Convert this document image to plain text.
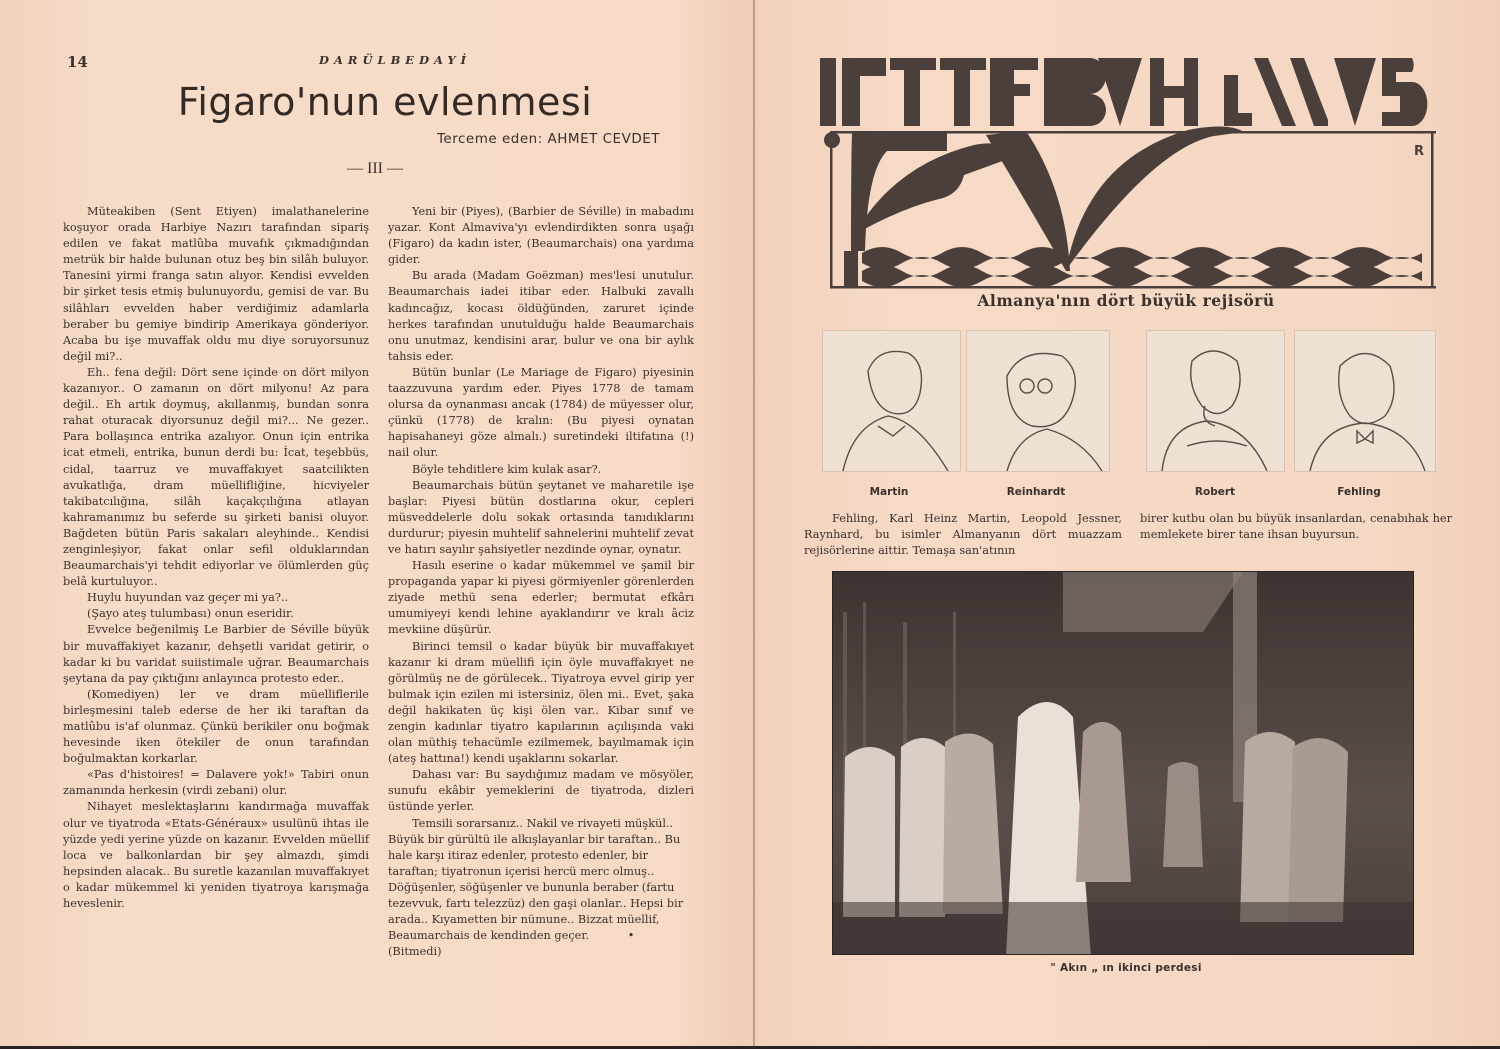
14	DARÜLBEDAYİ
Figaro'nun evlenmesi
Terceme eden: AHMET CEVDET
— III —

Müteakiben (Sent Etiyen) imalathanelerine koşuyor orada Harbiye Nazırı tarafından sipariş edilen ve fakat matlûba muvafık çıkmadığından metrük bir halde bulunan otuz beş bin silâh buluyor. Tanesini yirmi franga satın alıyor. Kendisi evvelden bir şirket tesis etmiş bulunuyordu, gemisi de var. Bu silâhları evvelden haber verdiğimiz adamlarla beraber bu gemiye bindirip Amerikaya gönderiyor. Acaba bu işe muvaffak oldu mu diye soruyorsunuz değil mi?..

Eh.. fena değil: Dört sene içinde on dört milyon kazanıyor.. O zamanın on dört milyonu! Az para değil.. Eh artık doymuş, akıllanmış, bundan sonra rahat oturacak diyorsunuz değil mi?... Ne gezer.. Para bollaşınca entrika azalıyor. Onun için entrika icat etmeli, entrika, bunun derdi bu: İcat, teşebbüs, cidal, taarruz ve muvaffakıyet saatcilikten avukatlığa, dram müellifliğine, hicviyeler takibatcılığına, silâh kaçakçılığına atlayan kahramanımız bu seferde su şirketi banisi oluyor. Bağdeten bütün Paris sakaları aleyhinde.. Kendisi zenginleşiyor, fakat onlar sefil olduklarından Beaumarchais'yi tehdit ediyorlar ve ölümlerden güç belâ kurtuluyor..

Huylu huyundan vaz geçer mi ya?..

(Şayo ateş tulumbası) onun eseridir.

Evvelce beğenilmiş Le Barbier de Séville büyük bir muvaffakiyet kazanır, dehşetli varidat getirir, o kadar ki bu varidat suiistimale uğrar. Beaumarchais şeytana da pay çıktığını anlayınca protesto eder..

(Komediyen) ler ve dram müelliflerile birleşmesini taleb ederse de her iki taraftan da matlûbu is'af olunmaz. Çünkü berikiler onu boğmak hevesinde iken ötekiler de onun tarafından boğulmaktan korkarlar.

«Pas d'histoires! = Dalavere yok!» Tabiri onun zamanında herkesin (virdi zebani) olur.

Nihayet meslektaşlarını kandırmağa muvaffak olur ve tiyatroda «Etats-Généraux» usulünü ihtas ile yüzde yedi yerine yüzde on kazanır. Evvelden müellif loca ve balkonlardan bir şey almazdı, şimdi hepsinden alacak.. Bu suretle kazanılan muvaffakıyet o kadar mükemmel ki yeniden tiyatroya karışmağa heveslenir.

Yeni bir (Piyes), (Barbier de Séville) in mabadını yazar. Kont Almaviva'yı evlendirdikten sonra uşağı (Figaro) da kadın ister, (Beaumarchais) ona yardıma gider.

Bu arada (Madam Goëzman) mes'lesi unutulur. Beaumarchais iadei itibar eder. Halbuki zavallı kadıncağız, kocası öldüğünden, zaruret içinde herkes tarafından unutulduğu halde Beaumarchais onu unutmaz, kendisini arar, bulur ve ona bir aylık tahsis eder.

Bütün bunlar (Le Mariage de Figaro) piyesinin taazzuvuna yardım eder. Piyes 1778 de tamam olursa da oynanması ancak (1784) de müyesser olur, çünkü (1778) de kralın: (Bu piyesi oynatan hapisahaneyi göze almalı.) suretindeki iltifatına (!) nail olur.

Böyle tehditlere kim kulak asar?.

Beaumarchais bütün şeytanet ve maharetile işe başlar: Piyesi bütün dostlarına okur, cepleri müsveddelerle dolu sokak ortasında tanıdıklarını durdurur; piyesin muhtelif sahnelerini muhtelif zevat ve hatırı sayılır şahsiyetler nezdinde oynar, oynatır.

Hasılı eserine o kadar mükemmel ve şamil bir propaganda yapar ki piyesi görmiyenler görenlerden ziyade methü sena ederler; bermutat efkârı umumiyeyi kendi lehine ayaklandırır ve kralı âciz mevkiine düşürür.

Birinci temsil o kadar büyük bir muvaffakıyet kazanır ki dram müellifi için öyle muvaffakıyet ne görülmüş ne de görülecek.. Tiyatroya evvel girip yer bulmak için ezilen mi istersiniz, ölen mi.. Evet, şaka değil hakikaten üç kişi ölen var.. Kibar sınıf ve zengin kadınlar tiyatro kapılarının açılışında vaki olan müthiş tehacümle ezilmemek, bayılmamak için (ateş hattına!) kendi uşaklarını sokarlar.

Dahası var: Bu saydığımız madam ve mösyöler, sunufu ekâbir yemeklerini de tiyatroda, dizleri üstünde yerler.

Temsili sorarsanız.. Nakil ve rivayeti müşkül.. Büyük bir gürültü ile alkışlayanlar bir taraftan.. Bu hale karşı itiraz edenler, protesto edenler, bir taraftan; tiyatronun içerisi hercü merc olmuş.. Döğüşenler, söğüşenler ve bununla beraber (fartu tezevvuk, fartı telezzüz) den gaşi olanlar.. Hepsi bir arada.. Kıyametten bir nümune.. Bizzat müellif, Beaumarchais de kendinden geçer.	•(Bitmedi)

R
Almanya'nın dört büyük rejisörü
Martin	Reinhardt	Robert	Fehling
Fehling, Karl Heinz Martin, Leopold Jessner, Raynhard, bu isimler Almanyanın dört muazzam rejisörlerine aittir. Temaşa san'atının
birer kutbu olan bu büyük insanlardan, cenabıhak her memlekete birer tane ihsan buyursun.
" Akın „ ın ikinci perdesi
